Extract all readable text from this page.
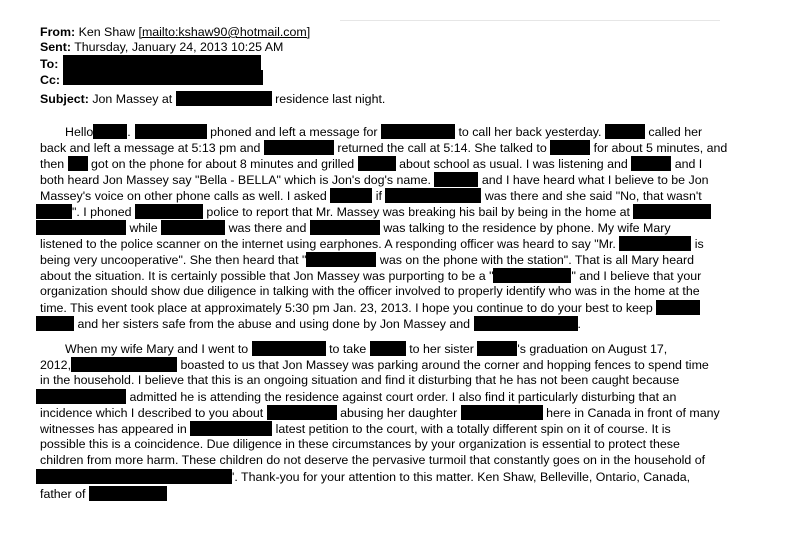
From: Ken Shaw [mailto:kshaw90@hotmail.com]
Sent: Thursday, January 24, 2013 10:25 AM
To:
Cc:
Subject: Jon Massey at	residence last night.
Hello	.	phoned and left a message for	to call her back yesterday.	called her
back and left a message at 5:13 pm and	returned the call at 5:14. She talked to	for about 5 minutes, and
then got on the phone for about 8 minutes and grilled	about school as usual. I was listening and	and I
both heard Jon Massey say "Bella - BELLA" which is Jon's dog's name.	and I have heard what I believe to be Jon
Massey's voice on other phone calls as well. I asked	if	was there and she said "No, that wasn't
". I phoned	police to report that Mr. Massey was breaking his bail by being in the home at
while	was there and	was talking to the residence by phone. My wife Mary
listened to the police scanner on the internet using earphones. A responding officer was heard to say "Mr.	is
being very uncooperative". She then heard that "	was on the phone with the station". That is all Mary heard
about the situation. It is certainly possible that Jon Massey was purporting to be a "	" and I believe that your
organization should show due diligence in talking with the officer involved to properly identify who was in the home at the
time. This event took place at approximately 5:30 pm Jan. 23, 2013. I hope you continue to do your best to keep
and her sisters safe from the abuse and using done by Jon Massey and	.
When my wife Mary and I went to	to take	to her sister	's graduation on August 17,
2012,	boasted to us that Jon Massey was parking around the corner and hopping fences to spend time
in the household. I believe that this is an ongoing situation and find it disturbing that he has not been caught because
admitted he is attending the residence against court order. I also find it particularly disturbing that an
incidence which I described to you about	abusing her daughter	here in Canada in front of many
witnesses has appeared in	latest petition to the court, with a totally different spin on it of course. It is
possible this is a coincidence. Due diligence in these circumstances by your organization is essential to protect these
children from more harm. These children do not deserve the pervasive turmoil that constantly goes on in the household of
'. Thank-you for your attention to this matter. Ken Shaw, Belleville, Ontario, Canada,
father of
